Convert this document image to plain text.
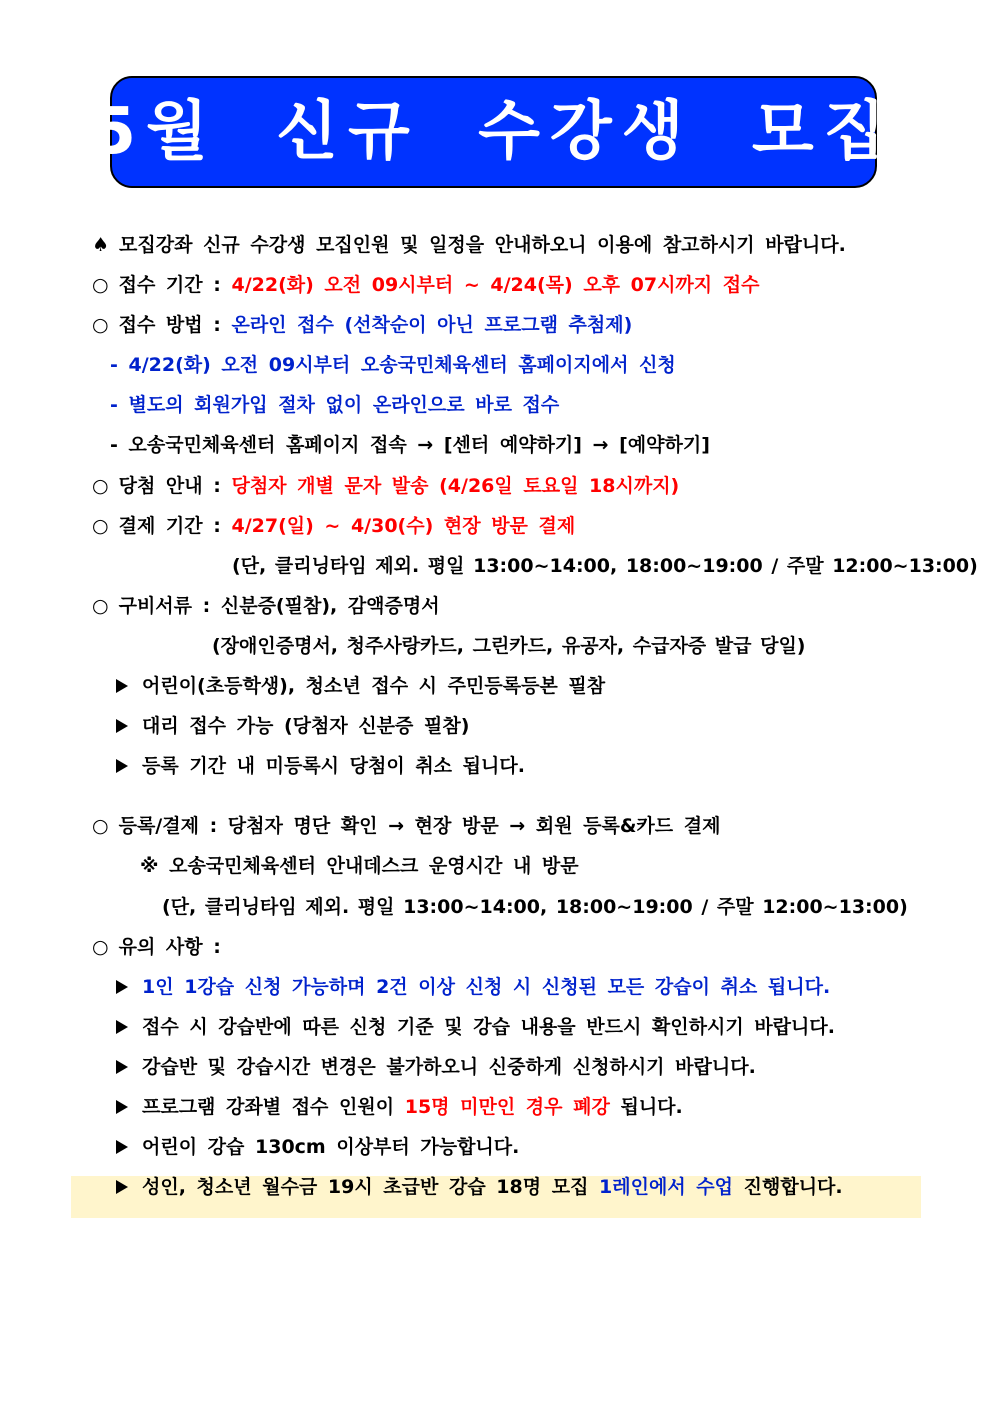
5월 신규 수강생 모집
♠ 모집강좌 신규 수강생 모집인원 및 일정을 안내하오니 이용에 참고하시기 바랍니다.
○ 접수 기간 : 4/22(화) 오전 09시부터 ~ 4/24(목) 오후 07시까지 접수
○ 접수 방법 : 온라인 접수 (선착순이 아닌 프로그램 추첨제)
- 4/22(화) 오전 09시부터 오송국민체육센터 홈페이지에서 신청
- 별도의 회원가입 절차 없이 온라인으로 바로 접수
- 오송국민체육센터 홈페이지 접속 → [센터 예약하기] → [예약하기]
○ 당첨 안내 : 당첨자 개별 문자 발송 (4/26일 토요일 18시까지)
○ 결제 기간 : 4/27(일) ~ 4/30(수) 현장 방문 결제
(단, 클리닝타임 제외. 평일 13:00~14:00, 18:00~19:00 / 주말 12:00~13:00)
○ 구비서류 : 신분증(필참), 감액증명서
(장애인증명서, 청주사랑카드, 그린카드, 유공자, 수급자증 발급 당일)
어린이(초등학생), 청소년 접수 시 주민등록등본 필참
대리 접수 가능 (당첨자 신분증 필참)
등록 기간 내 미등록시 당첨이 취소 됩니다.
○ 등록/결제 : 당첨자 명단 확인 → 현장 방문 → 회원 등록&카드 결제
※ 오송국민체육센터 안내데스크 운영시간 내 방문
(단, 클리닝타임 제외. 평일 13:00~14:00, 18:00~19:00 / 주말 12:00~13:00)
○ 유의 사항 :
1인 1강습 신청 가능하며 2건 이상 신청 시 신청된 모든 강습이 취소 됩니다.
접수 시 강습반에 따른 신청 기준 및 강습 내용을 반드시 확인하시기 바랍니다.
강습반 및 강습시간 변경은 불가하오니 신중하게 신청하시기 바랍니다.
프로그램 강좌별 접수 인원이 15명 미만인 경우 폐강 됩니다.
어린이 강습 130cm 이상부터 가능합니다.
성인, 청소년 월수금 19시 초급반 강습 18명 모집 1레인에서 수업 진행합니다.
